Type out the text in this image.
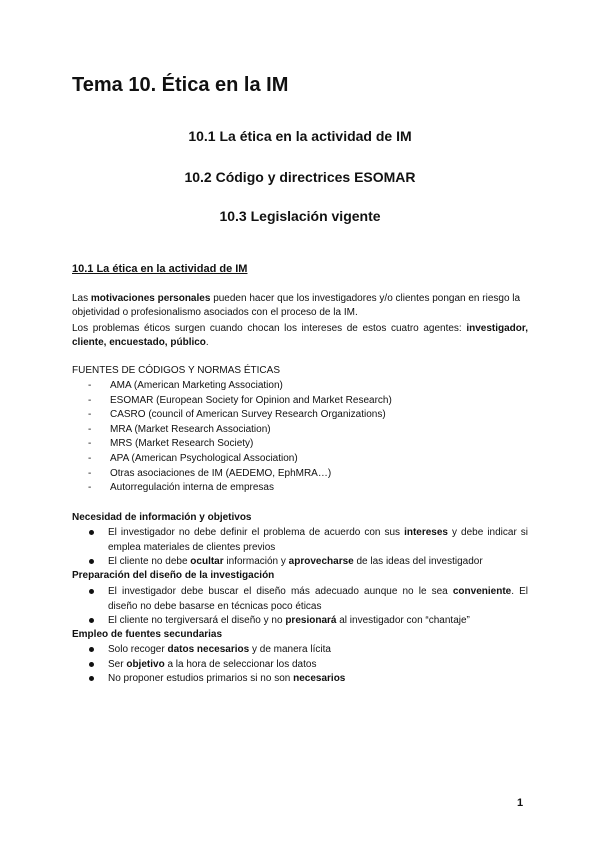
Tema 10. Ética en la IM

10.1 La ética en la actividad de IM

10.2 Código y directrices ESOMAR

10.3 Legislación vigente

10.1 La ética en la actividad de IM

Las motivaciones personales pueden hacer que los investigadores y/o clientes pongan en riesgo la objetividad o profesionalismo asociados con el proceso de la IM.

Los problemas éticos surgen cuando chocan los intereses de estos cuatro agentes: investigador, cliente, encuestado, público.

FUENTES DE CÓDIGOS Y NORMAS ÉTICAS

- AMA (American Marketing Association)
- ESOMAR (European Society for Opinion and Market Research)
- CASRO (council of American Survey Research Organizations)
- MRA (Market Research Association)
- MRS (Market Research Society)
- APA (American Psychological Association)
- Otras asociaciones de IM (AEDEMO, EphMRA…)
- Autorregulación interna de empresas

Necesidad de información y objetivos

El investigador no debe definir el problema de acuerdo con sus intereses y debe indicar si emplea materiales de clientes previos
El cliente no debe ocultar información y aprovecharse de las ideas del investigador

Preparación del diseño de la investigación

El investigador debe buscar el diseño más adecuado aunque no le sea conveniente. El diseño no debe basarse en técnicas poco éticas
El cliente no tergiversará el diseño y no presionará al investigador con “chantaje”

Empleo de fuentes secundarias

Solo recoger datos necesarios y de manera lícita
Ser objetivo a la hora de seleccionar los datos
No proponer estudios primarios si no son necesarios
1
